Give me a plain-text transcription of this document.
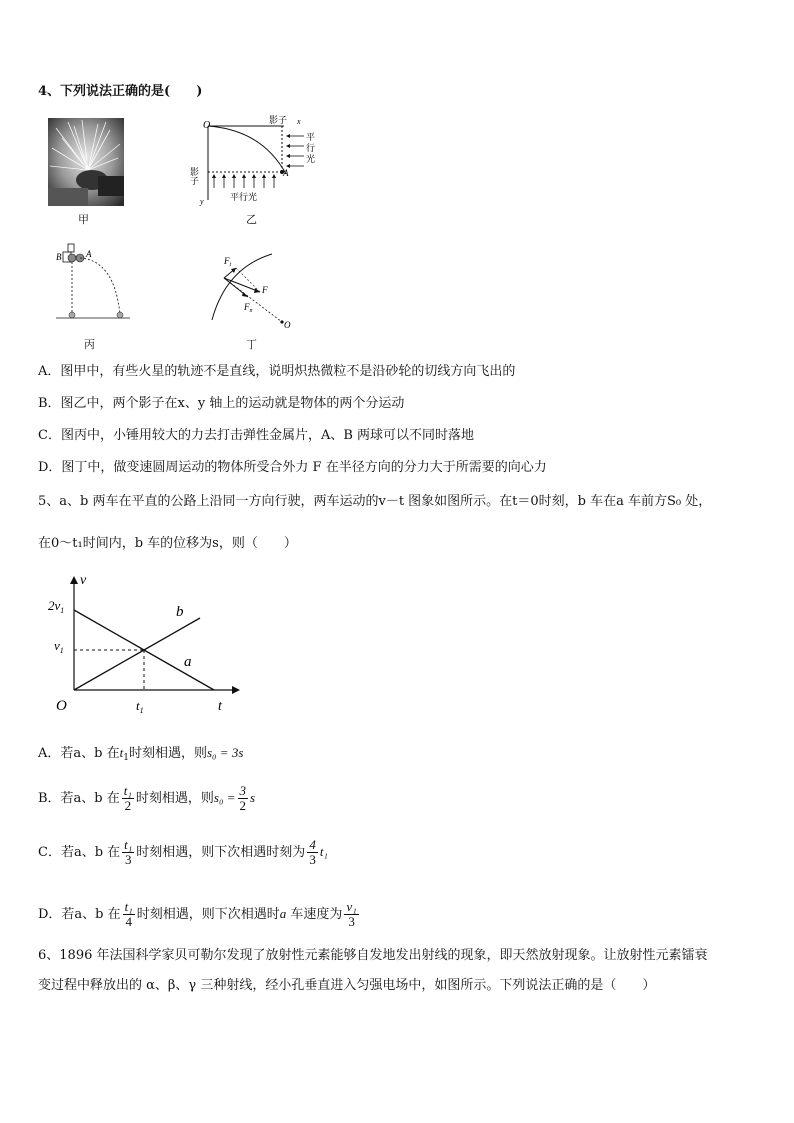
4、下列说法正确的是(　　)
甲
O	影子 x
平
行
光
影子	A
y	平行光
乙
B	A
丙
$F_t$
F
$F_n$
O
丁
A．图甲中，有些火星的轨迹不是直线，说明炽热微粒不是沿砂轮的切线方向飞出的
B．图乙中，两个影子在x、y 轴上的运动就是物体的两个分运动
C．图丙中，小锤用较大的力去打击弹性金属片，A、B 两球可以不同时落地
D．图丁中，做变速圆周运动的物体所受合外力 F 在半径方向的分力大于所需要的向心力
5、a、b 两车在平直的公路上沿同一方向行驶，两车运动的v－t 图象如图所示。在t＝0时刻，b 车在a 车前方S₀ 处，
在0～t₁时间内，b 车的位移为s，则（　　）
v
t
O
$2v_1$
$v_1$
$t_1$
b
a
A．若a、b 在$t_1$时刻相遇，则s₀ = 3s
B．若a、b 在 $\frac{\text{t₁}}{2}$ 时刻相遇，则$s_0 = \frac{3}{2}$ s
C．若a、b 在 $\frac{\text{t₁}}{3}$ 时刻相遇，则下次相遇时刻为 $\frac{4}{3} t_1$
D．若a、b 在 $\frac{\text{t₁}}{4}$ 时刻相遇，则下次相遇时a 车速度为 $\frac{\text{v₁}}{3}$
6、1896 年法国科学家贝可勒尔发现了放射性元素能够自发地发出射线的现象，即天然放射现象。让放射性元素镭衰
变过程中释放出的 α、β、γ 三种射线，经小孔垂直进入匀强电场中，如图所示。下列说法正确的是（　　）
